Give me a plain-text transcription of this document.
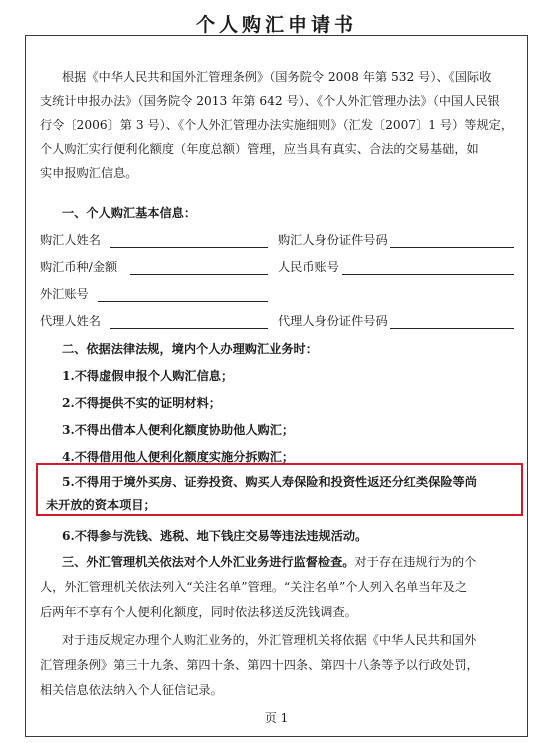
个人购汇申请书
根据《中华人民共和国外汇管理条例》（国务院令 2008 年第 532 号）、《国际收
支统计申报办法》（国务院令 2013 年第 642 号）、《个人外汇管理办法》（中国人民银
行令〔2006〕第 3 号）、《个人外汇管理办法实施细则》（汇发〔2007〕1 号）等规定，
个人购汇实行便利化额度（年度总额）管理，应当具有真实、合法的交易基础，如
实申报购汇信息。
一、个人购汇基本信息：
购汇人姓名	购汇人身份证件号码
购汇币种/金额	人民币账号
外汇账号
代理人姓名	代理人身份证件号码
二、依据法律法规，境内个人办理购汇业务时：
1.不得虚假申报个人购汇信息；
2.不得提供不实的证明材料；
3.不得出借本人便利化额度协助他人购汇；
4.不得借用他人便利化额度实施分拆购汇；
5.不得用于境外买房、证券投资、购买人寿保险和投资性返还分红类保险等尚
未开放的资本项目；
6.不得参与洗钱、逃税、地下钱庄交易等违法违规活动。
三、外汇管理机关依法对个人外汇业务进行监督检查。对于存在违规行为的个
人，外汇管理机关依法列入“关注名单”管理。“关注名单”个人列入名单当年及之
后两年不享有个人便利化额度，同时依法移送反洗钱调查。
对于违反规定办理个人购汇业务的，外汇管理机关将依据《中华人民共和国外
汇管理条例》第三十九条、第四十条、第四十四条、第四十八条等予以行政处罚，
相关信息依法纳入个人征信记录。
页 1
